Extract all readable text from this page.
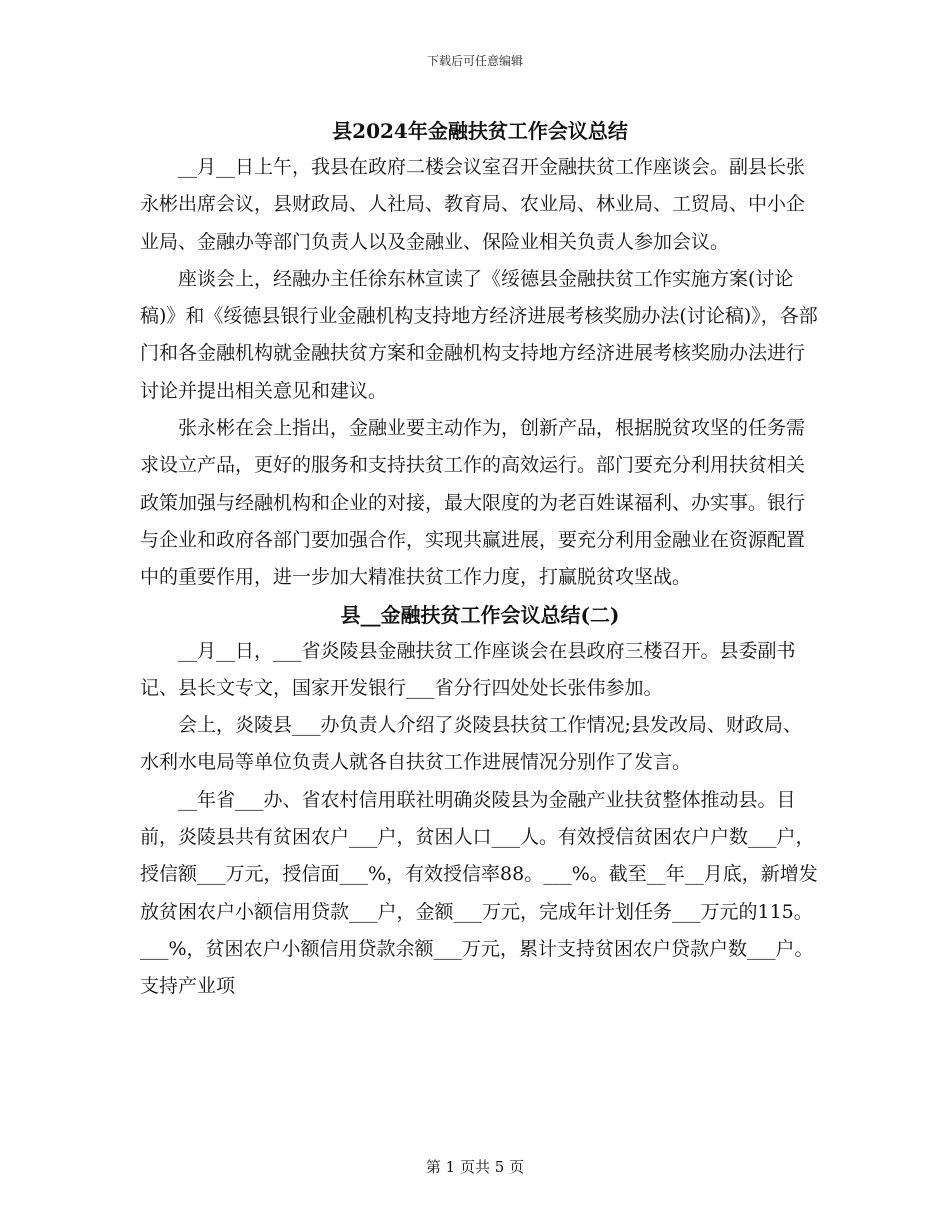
下载后可任意编辑
县2024年金融扶贫工作会议总结

__月__日上午，我县在政府二楼会议室召开金融扶贫工作座谈会。副县长张永彬出席会议，县财政局、人社局、教育局、农业局、林业局、工贸局、中小企业局、金融办等部门负责人以及金融业、保险业相关负责人参加会议。

座谈会上，经融办主任徐东林宣读了《绥德县金融扶贫工作实施方案(讨论稿)》和《绥德县银行业金融机构支持地方经济进展考核奖励办法(讨论稿)》，各部门和各金融机构就金融扶贫方案和金融机构支持地方经济进展考核奖励办法进行讨论并提出相关意见和建议。

张永彬在会上指出，金融业要主动作为，创新产品，根据脱贫攻坚的任务需求设立产品，更好的服务和支持扶贫工作的高效运行。部门要充分利用扶贫相关政策加强与经融机构和企业的对接，最大限度的为老百姓谋福利、办实事。银行与企业和政府各部门要加强合作，实现共赢进展，要充分利用金融业在资源配置中的重要作用，进一步加大精准扶贫工作力度，打赢脱贫攻坚战。

县__金融扶贫工作会议总结(二)

__月__日，___省炎陵县金融扶贫工作座谈会在县政府三楼召开。县委副书记、县长文专文，国家开发银行___省分行四处处长张伟参加。

会上，炎陵县___办负责人介绍了炎陵县扶贫工作情况;县发改局、财政局、水利水电局等单位负责人就各自扶贫工作进展情况分别作了发言。

__年省___办、省农村信用联社明确炎陵县为金融产业扶贫整体推动县。目前，炎陵县共有贫困农户___户，贫困人口___人。有效授信贫困农户户数___户，授信额___万元，授信面___%，有效授信率88。___%。截至__年__月底，新增发放贫困农户小额信用贷款___户，金额___万元，完成年计划任务___万元的115。___%，贫困农户小额信用贷款余额___万元，累计支持贫困农户贷款户数___户。支持产业项

第 1 页共 5 页
